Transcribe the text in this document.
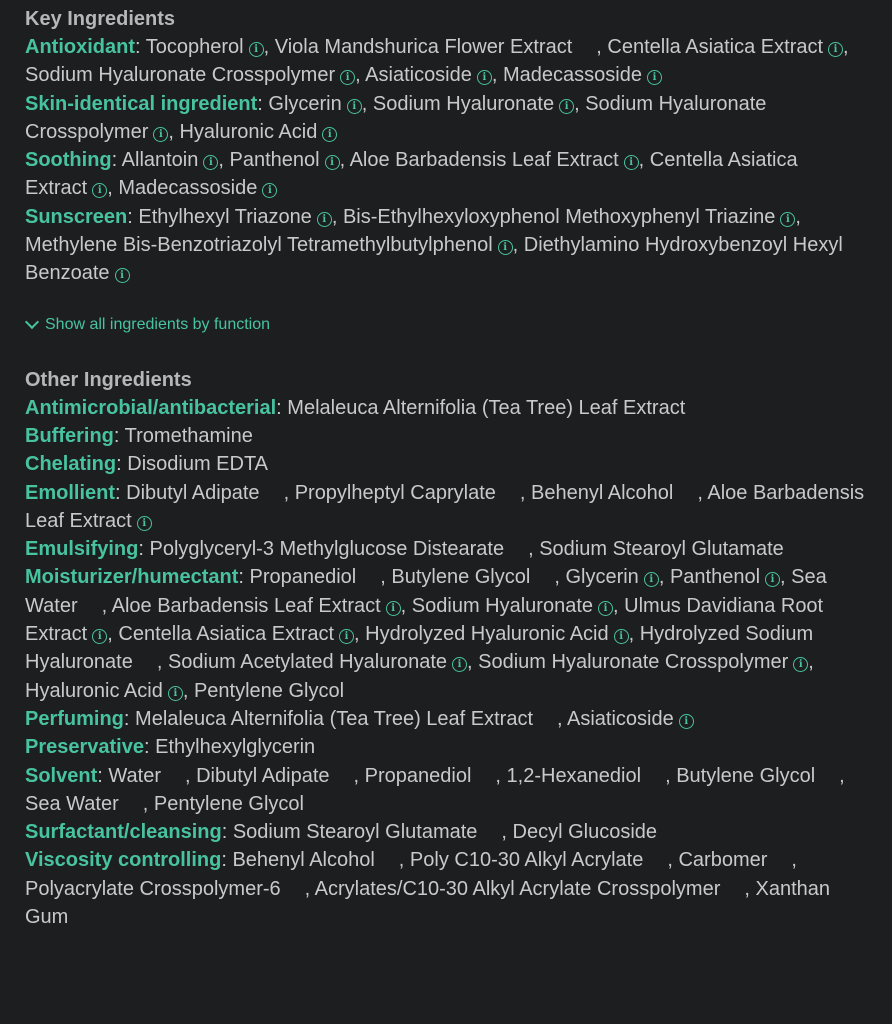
Key Ingredients
Antioxidant: Tocopherol i , Viola Mandshurica Flower Extract , Centella Asiatica Extract i , Sodium Hyaluronate Crosspolymer i , Asiaticoside i , Madecassoside i
Skin-identical ingredient: Glycerin i , Sodium Hyaluronate i , Sodium Hyaluronate Crosspolymer i , Hyaluronic Acid i
Soothing: Allantoin i , Panthenol i , Aloe Barbadensis Leaf Extract i , Centella Asiatica Extract i , Madecassoside i
Sunscreen: Ethylhexyl Triazone i , Bis-Ethylhexyloxyphenol Methoxyphenyl Triazine i , Methylene Bis-Benzotriazolyl Tetramethylbutylphenol i , Diethylamino Hydroxybenzoyl Hexyl Benzoate i
Show all ingredients by function
Other Ingredients
Antimicrobial/antibacterial: Melaleuca Alternifolia (Tea Tree) Leaf Extract
Buffering: Tromethamine
Chelating: Disodium EDTA
Emollient: Dibutyl Adipate , Propylheptyl Caprylate , Behenyl Alcohol , Aloe Barbadensis Leaf Extract i
Emulsifying: Polyglyceryl-3 Methylglucose Distearate , Sodium Stearoyl Glutamate
Moisturizer/humectant: Propanediol , Butylene Glycol , Glycerin i , Panthenol i , Sea Water , Aloe Barbadensis Leaf Extract i , Sodium Hyaluronate i , Ulmus Davidiana Root Extract i , Centella Asiatica Extract i , Hydrolyzed Hyaluronic Acid i , Hydrolyzed Sodium Hyaluronate , Sodium Acetylated Hyaluronate i , Sodium Hyaluronate Crosspolymer i , Hyaluronic Acid i , Pentylene Glycol
Perfuming: Melaleuca Alternifolia (Tea Tree) Leaf Extract , Asiaticoside i
Preservative: Ethylhexylglycerin
Solvent: Water , Dibutyl Adipate , Propanediol , 1,2-Hexanediol , Butylene Glycol , Sea Water , Pentylene Glycol
Surfactant/cleansing: Sodium Stearoyl Glutamate , Decyl Glucoside
Viscosity controlling: Behenyl Alcohol , Poly C10-30 Alkyl Acrylate , Carbomer , Polyacrylate Crosspolymer-6 , Acrylates/C10-30 Alkyl Acrylate Crosspolymer , Xanthan Gum
